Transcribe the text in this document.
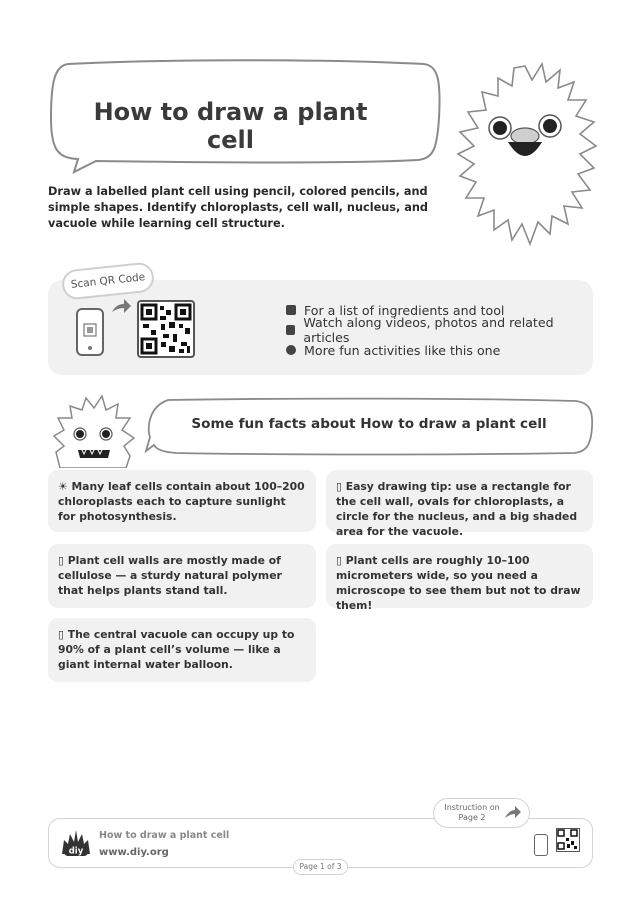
How to draw a plant cell
Draw a labelled plant cell using pencil, colored pencils, and simple shapes. Identify chloroplasts, cell wall, nucleus, and vacuole while learning cell structure.
Scan QR Code
For a list of ingredients and tool
Watch along videos, photos and related articles
More fun activities like this one
Some fun facts about How to draw a plant cell
☀ Many leaf cells contain about 100–200 chloroplasts each to capture sunlight for photosynthesis.
▯ Easy drawing tip: use a rectangle for the cell wall, ovals for chloroplasts, a circle for the nucleus, and a big shaded area for the vacuole.
▯ Plant cell walls are mostly made of cellulose — a sturdy natural polymer that helps plants stand tall.
▯ Plant cells are roughly 10–100 micrometers wide, so you need a microscope to see them but not to draw them!
▯ The central vacuole can occupy up to 90% of a plant cell’s volume — like a giant internal water balloon.
diy
How to draw a plant cell
www.diy.org
Instruction on Page 2
Page 1 of 3
